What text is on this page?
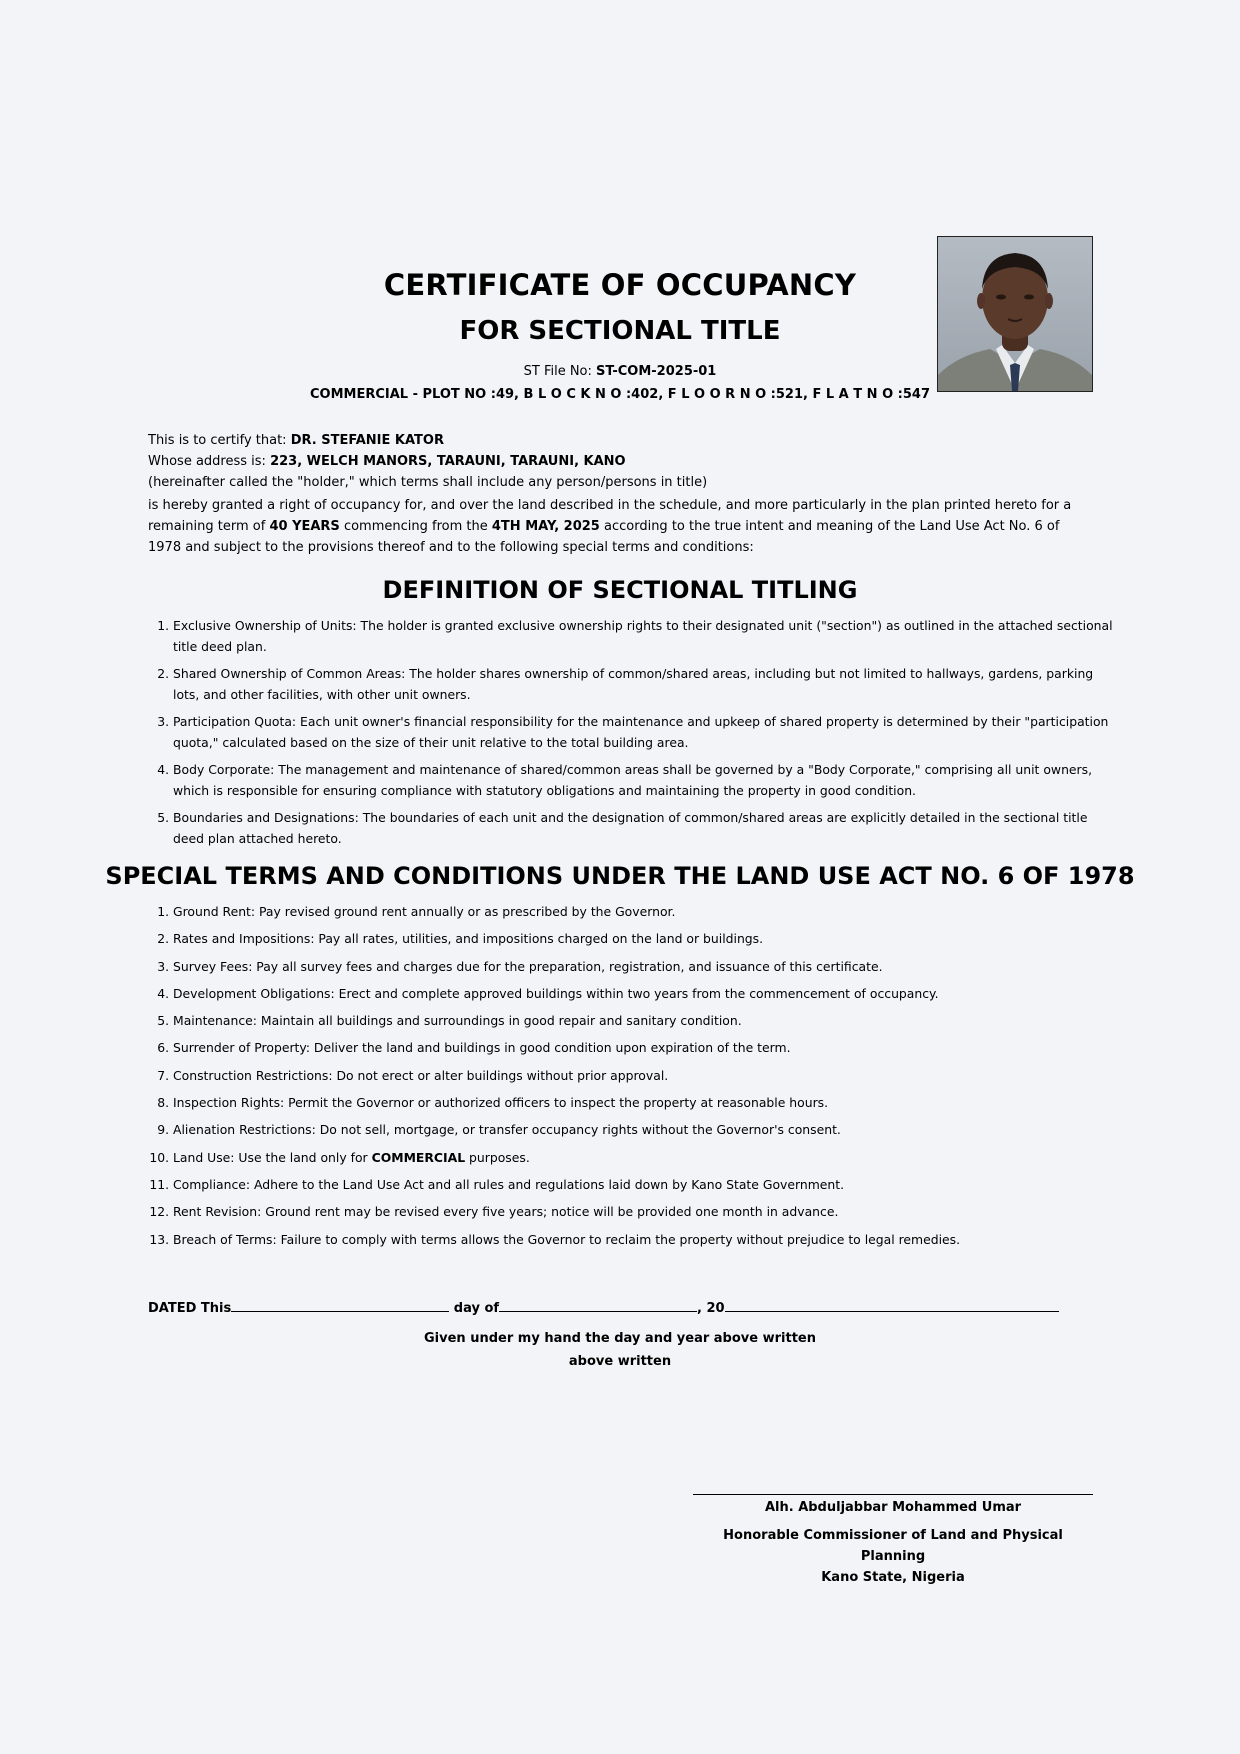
CERTIFICATE OF OCCUPANCY
FOR SECTIONAL TITLE
ST File No: ST-COM-2025-01
COMMERCIAL - PLOT NO :49, B L O C K N O :402, F L O O R N O :521, F L A T N O :547

This is to certify that: DR. STEFANIE KATOR

Whose address is: 223, WELCH MANORS, TARAUNI, TARAUNI, KANO

(hereinafter called the "holder," which terms shall include any person/persons in title)

is hereby granted a right of occupancy for, and over the land described in the schedule, and more particularly in the plan printed hereto for a remaining term of 40 YEARS commencing from the 4TH MAY, 2025 according to the true intent and meaning of the Land Use Act No. 6 of 1978 and subject to the provisions thereof and to the following special terms and conditions:

DEFINITION OF SECTIONAL TITLING
1. Exclusive Ownership of Units: The holder is granted exclusive ownership rights to their designated unit ("section") as outlined in the attached sectional title deed plan.
2. Shared Ownership of Common Areas: The holder shares ownership of common/shared areas, including but not limited to hallways, gardens, parking lots, and other facilities, with other unit owners.
3. Participation Quota: Each unit owner's financial responsibility for the maintenance and upkeep of shared property is determined by their "participation quota," calculated based on the size of their unit relative to the total building area.
4. Body Corporate: The management and maintenance of shared/common areas shall be governed by a "Body Corporate," comprising all unit owners, which is responsible for ensuring compliance with statutory obligations and maintaining the property in good condition.
5. Boundaries and Designations: The boundaries of each unit and the designation of common/shared areas are explicitly detailed in the sectional title deed plan attached hereto.
SPECIAL TERMS AND CONDITIONS UNDER THE LAND USE ACT NO. 6 OF 1978
1. Ground Rent: Pay revised ground rent annually or as prescribed by the Governor.
2. Rates and Impositions: Pay all rates, utilities, and impositions charged on the land or buildings.
3. Survey Fees: Pay all survey fees and charges due for the preparation, registration, and issuance of this certificate.
4. Development Obligations: Erect and complete approved buildings within two years from the commencement of occupancy.
5. Maintenance: Maintain all buildings and surroundings in good repair and sanitary condition.
6. Surrender of Property: Deliver the land and buildings in good condition upon expiration of the term.
7. Construction Restrictions: Do not erect or alter buildings without prior approval.
8. Inspection Rights: Permit the Governor or authorized officers to inspect the property at reasonable hours.
9. Alienation Restrictions: Do not sell, mortgage, or transfer occupancy rights without the Governor's consent.
10. Land Use: Use the land only for COMMERCIAL purposes.
11. Compliance: Adhere to the Land Use Act and all rules and regulations laid down by Kano State Government.
12. Rent Revision: Ground rent may be revised every five years; notice will be provided one month in advance.
13. Breach of Terms: Failure to comply with terms allows the Governor to reclaim the property without prejudice to legal remedies.
DATED This	day of	, 20
Given under my hand the day and year above written
above written
Alh. Abduljabbar Mohammed Umar
Honorable Commissioner of Land and Physical Planning
Kano State, Nigeria
